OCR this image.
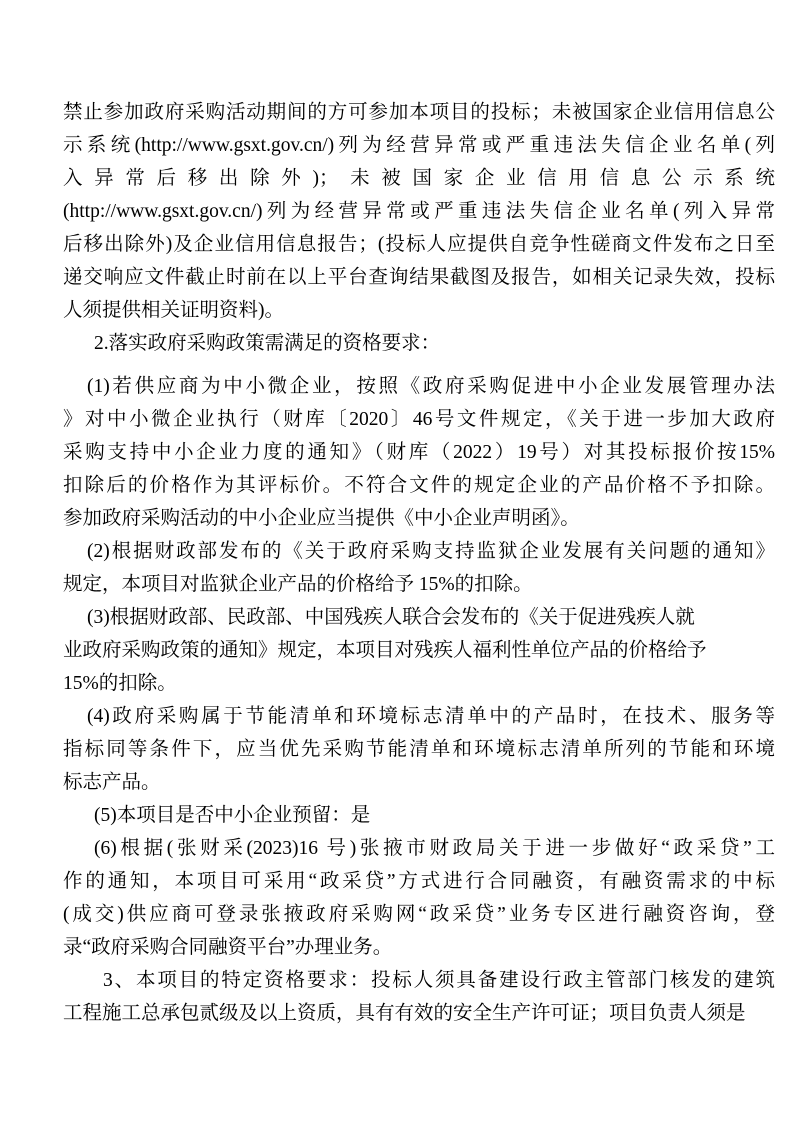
禁止参加政府采购活动期间的方可参加本项目的投标；未被国家企业信用信息公
示系统(http://www.gsxt.gov.cn/)列为经营异常或严重违法失信企业名单(列
入异常后移出除外)；未被国家企业信用信息公示系统
(http://www.gsxt.gov.cn/)列为经营异常或严重违法失信企业名单(列入异常
后移出除外)及企业信用信息报告；(投标人应提供自竞争性磋商文件发布之日至
递交响应文件截止时前在以上平台查询结果截图及报告，如相关记录失效，投标
人须提供相关证明资料)。
2.落实政府采购政策需满足的资格要求：
(1)若供应商为中小微企业，按照《政府采购促进中小企业发展管理办法
》对中小微企业执行（财库〔2020〕46号文件规定，《关于进一步加大政府
采购支持中小企业力度的通知》（财库（2022）19号）对其投标报价按15%
扣除后的价格作为其评标价。不符合文件的规定企业的产品价格不予扣除。
参加政府采购活动的中小企业应当提供《中小企业声明函》。
(2)根据财政部发布的《关于政府采购支持监狱企业发展有关问题的通知》
规定，本项目对监狱企业产品的价格给予 15%的扣除。
(3)根据财政部、民政部、中国残疾人联合会发布的《关于促进残疾人就
业政府采购政策的通知》规定，本项目对残疾人福利性单位产品的价格给予
15%的扣除。
(4)政府采购属于节能清单和环境标志清单中的产品时，在技术、服务等
指标同等条件下，应当优先采购节能清单和环境标志清单所列的节能和环境
标志产品。
(5)本项目是否中小企业预留：是
(6)根据(张财采(2023)16 号)张掖市财政局关于进一步做好“政采贷”工
作的通知，本项目可采用“政采贷”方式进行合同融资，有融资需求的中标
(成交)供应商可登录张掖政府采购网“政采贷”业务专区进行融资咨询，登
录“政府采购合同融资平台”办理业务。
3、本项目的特定资格要求：投标人须具备建设行政主管部门核发的建筑
工程施工总承包贰级及以上资质，具有有效的安全生产许可证；项目负责人须是
